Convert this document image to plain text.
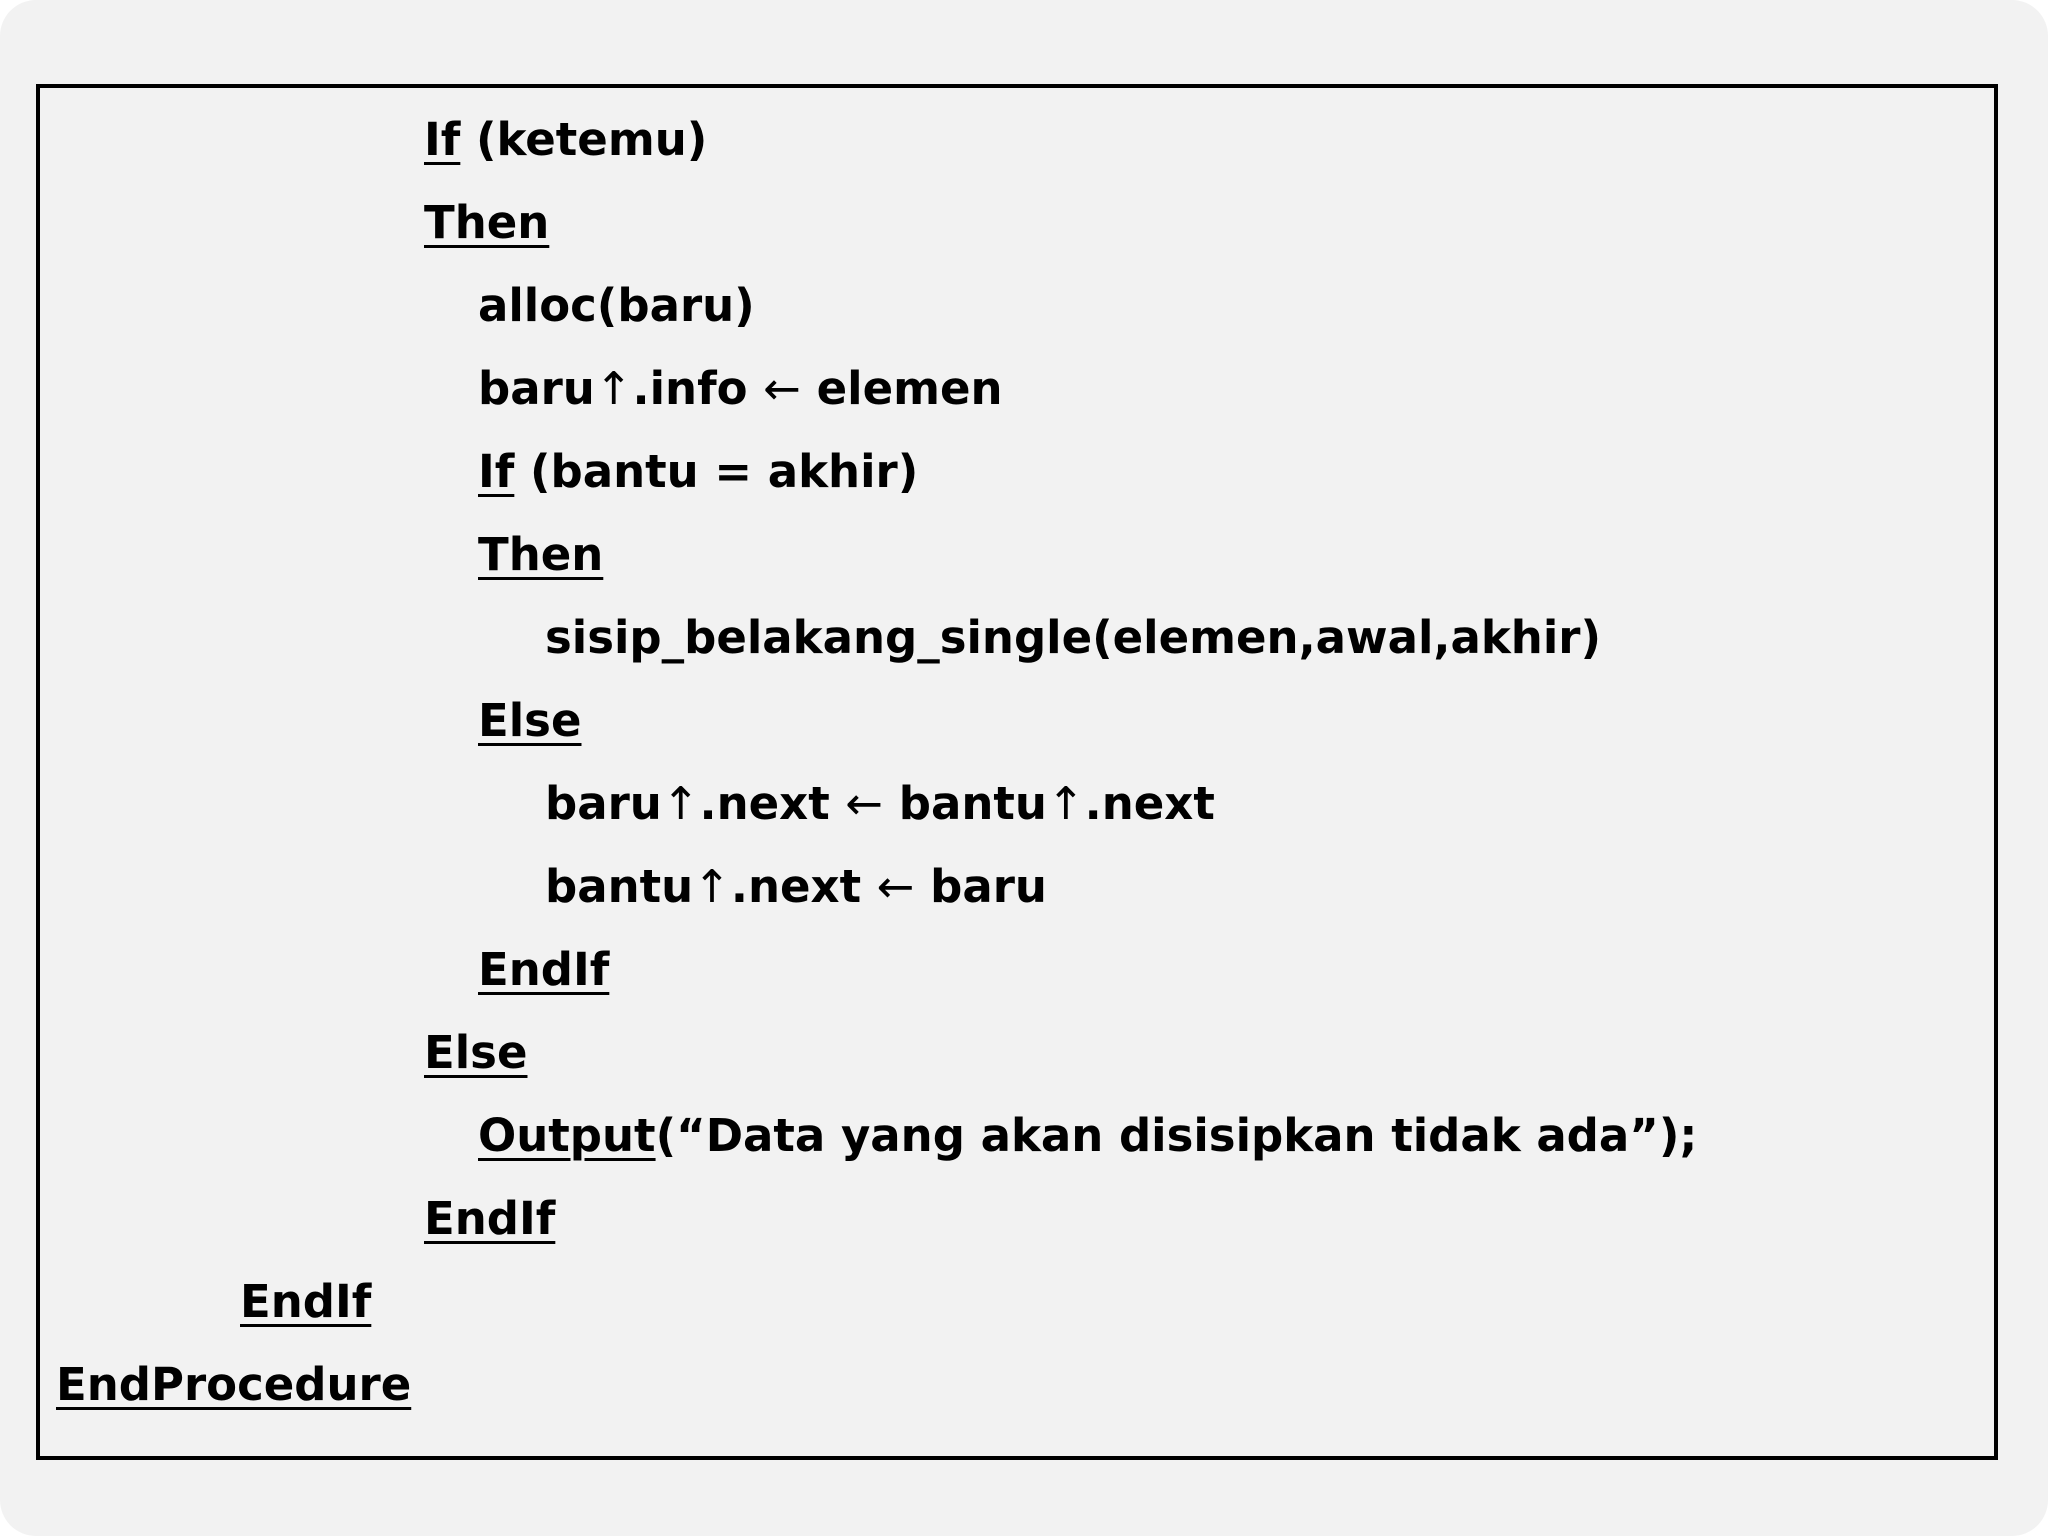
If (ketemu)
Then
alloc(baru)
baru↑.info ← elemen
If (bantu = akhir)
Then
sisip_belakang_single(elemen,awal,akhir)
Else
baru↑.next ← bantu↑.next
bantu↑.next ← baru
EndIf
Else
Output(“Data yang akan disisipkan tidak ada”);
EndIf
EndIf
EndProcedure
